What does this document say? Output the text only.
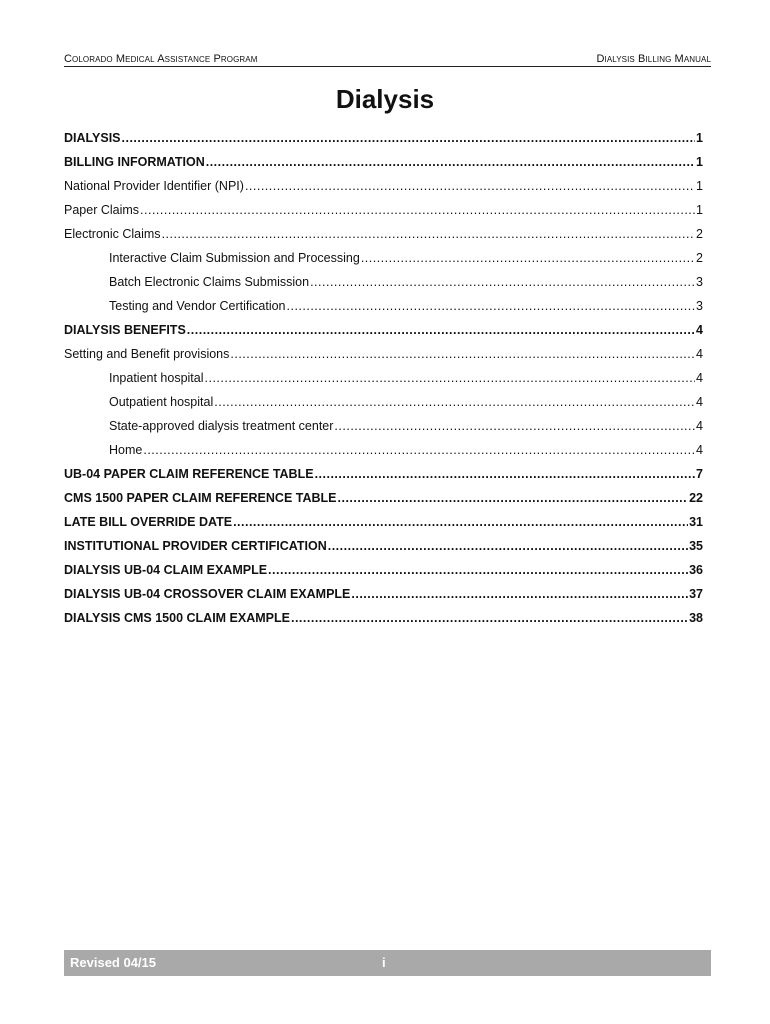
Colorado Medical Assistance Program	Dialysis Billing Manual
Dialysis
DIALYSIS .....	1
BILLING INFORMATION .....	1
National Provider Identifier (NPI) .....	1
Paper Claims .....	1
Electronic Claims .....	2
Interactive Claim Submission and Processing .....	2
Batch Electronic Claims Submission .....	3
Testing and Vendor Certification .....	3
DIALYSIS BENEFITS .....	4
Setting and Benefit provisions .....	4
Inpatient hospital .....	4
Outpatient hospital .....	4
State-approved dialysis treatment center .....	4
Home .....	4
UB-04 PAPER CLAIM REFERENCE TABLE .....	7
CMS 1500 PAPER CLAIM REFERENCE TABLE .....	22
LATE BILL OVERRIDE DATE .....	31
INSTITUTIONAL PROVIDER CERTIFICATION .....	35
DIALYSIS UB-04 CLAIM EXAMPLE .....	36
DIALYSIS UB-04 CROSSOVER CLAIM EXAMPLE .....	37
DIALYSIS CMS 1500 CLAIM EXAMPLE .....	38
Revised 04/15	i
